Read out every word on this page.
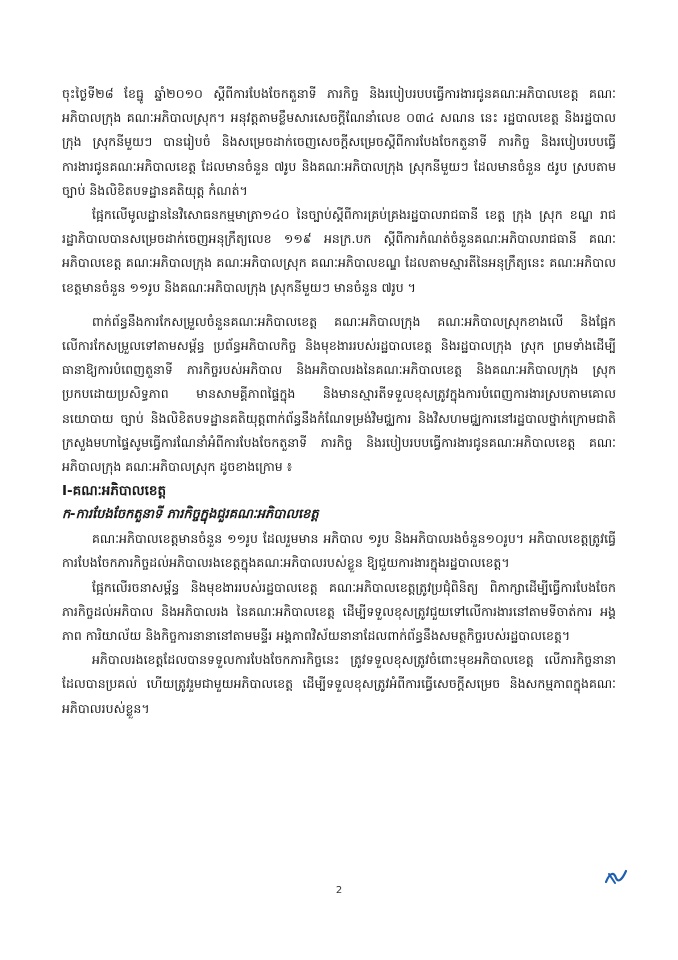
ចុះថ្ងៃទី២៨ ខែធ្នូ ឆ្នាំ២០១០ ស្ដីពីការបែងចែកតួនាទី ភារកិច្ច និងរបៀបរបបធ្វើការងារជូនគណៈអភិបាលខេត្ត គណៈអភិបាលក្រុង គណៈអភិបាលស្រុក។ អនុវត្តតាមខ្លឹមសារសេចក្ដីណែនាំលេខ ០៣៤ សណន នេះ រដ្ឋបាលខេត្ត និងរដ្ឋបាលក្រុង ស្រុកនីមួយៗ បានរៀបចំ និងសម្រេចដាក់ចេញសេចក្ដីសម្រេចស្ដីពីការបែងចែកតួនាទី ភារកិច្ច និងរបៀបរបបធ្វើការងារជូនគណៈអភិបាលខេត្ត ដែលមានចំនួន ៧រូប និងគណៈអភិបាលក្រុង ស្រុកនីមួយៗ ដែលមានចំនួន ៥រូប ស្របតាមច្បាប់ និងលិខិតបទដ្ឋានគតិយុត្ត កំណត់។

ផ្អែកលើមូលដ្ឋាននៃវិសោធនកម្មមាត្រា១៤០ នៃច្បាប់ស្ដីពីការគ្រប់គ្រងរដ្ឋបាលរាជធានី ខេត្ត ក្រុង ស្រុក ខណ្ឌ រាជរដ្ឋាភិបាលបានសម្រេចដាក់ចេញអនុក្រឹត្យលេខ ១១៩ អនក្រ.បក ស្ដីពីការកំណត់ចំនួនគណៈអភិបាលរាជធានី គណៈអភិបាលខេត្ត គណៈអភិបាលក្រុង គណៈអភិបាលស្រុក គណៈអភិបាលខណ្ឌ ដែលតាមស្មារតីនៃអនុក្រឹត្យនេះ គណៈអភិបាលខេត្តមានចំនួន ១១រូប និងគណៈអភិបាលក្រុង ស្រុកនីមួយៗ មានចំនួន ៧រូប ។

ពាក់ព័ន្ធនឹងការកែសម្រួលចំនួនគណៈអភិបាលខេត្ត គណៈអភិបាលក្រុង គណៈអភិបាលស្រុកខាងលើ និងផ្អែកលើការកែសម្រួលទៅតាមសម្ព័ន្ធ ប្រព័ន្ធអភិបាលកិច្ច និងមុខងាររបស់រដ្ឋបាលខេត្ត និងរដ្ឋបាលក្រុង ស្រុក ព្រមទាំងដើម្បីធានាឱ្យការបំពេញតួនាទី ភារកិច្ចរបស់អភិបាល និងអភិបាលរងនៃគណៈអភិបាលខេត្ត និងគណៈអភិបាលក្រុង ស្រុក ប្រកបដោយប្រសិទ្ធភាព មានសាមគ្គីភាពផ្ទៃក្នុង និងមានស្មារតីទទួលខុសត្រូវក្នុងការបំពេញការងារស្របតាមគោលនយោបាយ ច្បាប់ និងលិខិតបទដ្ឋានគតិយុត្តពាក់ព័ន្ធនឹងកំណែទម្រង់វិមជ្ឈការ និងវិសហមជ្ឈការនៅរដ្ឋបាលថ្នាក់ក្រោមជាតិ ក្រសួងមហាផ្ទៃសូមធ្វើការណែនាំអំពីការបែងចែកតួនាទី ភារកិច្ច និងរបៀបរបបធ្វើការងារជូនគណៈអភិបាលខេត្ត គណៈអភិបាលក្រុង គណៈអភិបាលស្រុក ដូចខាងក្រោម ៖

I-គណៈអភិបាលខេត្ត

ក-ការបែងចែកតួនាទី ភារកិច្ចក្នុងជួរគណៈអភិបាលខេត្ត

គណៈអភិបាលខេត្តមានចំនួន ១១រូប ដែលរួមមាន អភិបាល ១រូប និងអភិបាលរងចំនួន១០រូប។ អភិបាលខេត្តត្រូវធ្វើការបែងចែកភារកិច្ចដល់អភិបាលរងខេត្តក្នុងគណៈអភិបាលរបស់ខ្លួន ឱ្យជួយការងារក្នុងរដ្ឋបាលខេត្ត។

ផ្អែកលើរចនាសម្ព័ន្ធ និងមុខងាររបស់រដ្ឋបាលខេត្ត គណៈអភិបាលខេត្តត្រូវប្រជុំពិនិត្យ ពិភាក្សាដើម្បីធ្វើការបែងចែកភារកិច្ចដល់អភិបាល និងអភិបាលរង នៃគណៈអភិបាលខេត្ត ដើម្បីទទួលខុសត្រូវជួយទៅលើការងារនៅតាមទីចាត់ការ អង្គភាព ការិយាល័យ និងកិច្ចការនានានៅតាមមន្ទីរ អង្គភាពវិស័យនានាដែលពាក់ព័ន្ធនឹងសមត្ថកិច្ចរបស់រដ្ឋបាលខេត្ត។

អភិបាលរងខេត្តដែលបានទទួលការបែងចែកភារកិច្ចនេះ ត្រូវទទួលខុសត្រូវចំពោះមុខអភិបាលខេត្ត លើភារកិច្ចនានាដែលបានប្រគល់ ហើយត្រូវរួមជាមួយអភិបាលខេត្ត ដើម្បីទទួលខុសត្រូវអំពីការធ្វើសេចក្ដីសម្រេច និងសកម្មភាពក្នុងគណៈអភិបាលរបស់ខ្លួន។

2
